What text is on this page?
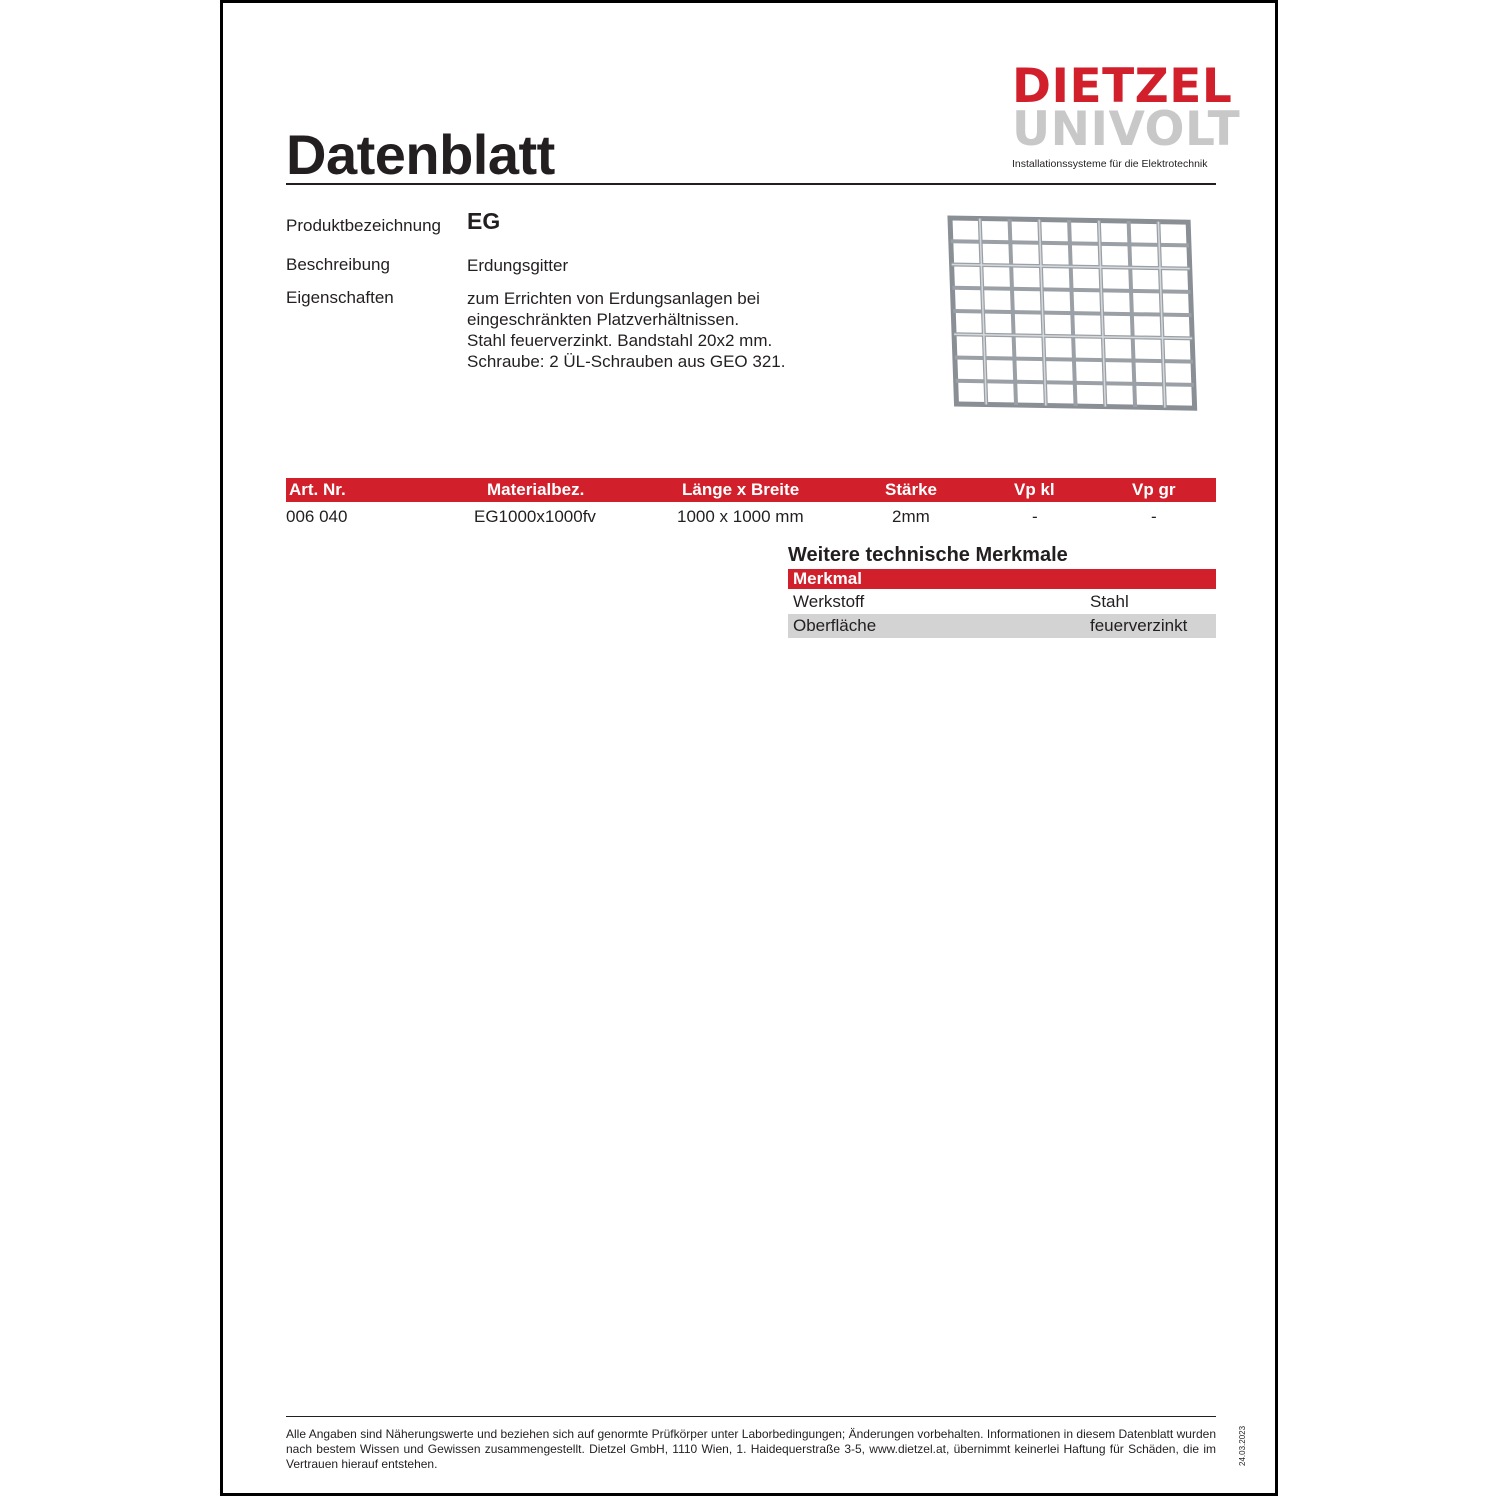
Datenblatt
DIETZEL
UNIVOLT
Installationssysteme für die Elektrotechnik
Produktbezeichnung EG
Beschreibung	Erdungsgitter
Eigenschaften	zum Errichten von Erdungsanlagen bei
eingeschränkten Platzverhältnissen.
Stahl feuerverzinkt. Bandstahl 20x2 mm.
Schraube: 2 ÜL-Schrauben aus GEO 321.
Art. Nr.	Materialbez.	Länge x Breite	Stärke	Vp kl	Vp gr
006 040	EG1000x1000fv	1000 x 1000 mm	2mm	-	-
Weitere technische Merkmale
Merkmal
Werkstoff	Stahl
Oberfläche	feuerverzinkt
Alle Angaben sind Näherungswerte und beziehen sich auf genormte Prüfkörper unter Laborbedingungen; Änderungen vorbehalten. Informationen in diesem Datenblatt wurden nach bestem Wissen und Gewissen zusammengestellt. Dietzel GmbH, 1110 Wien, 1. Haidequerstraße 3-5, www.dietzel.at, übernimmt keinerlei Haftung für Schäden, die im Vertrauen hierauf entstehen.	24.03.2023
